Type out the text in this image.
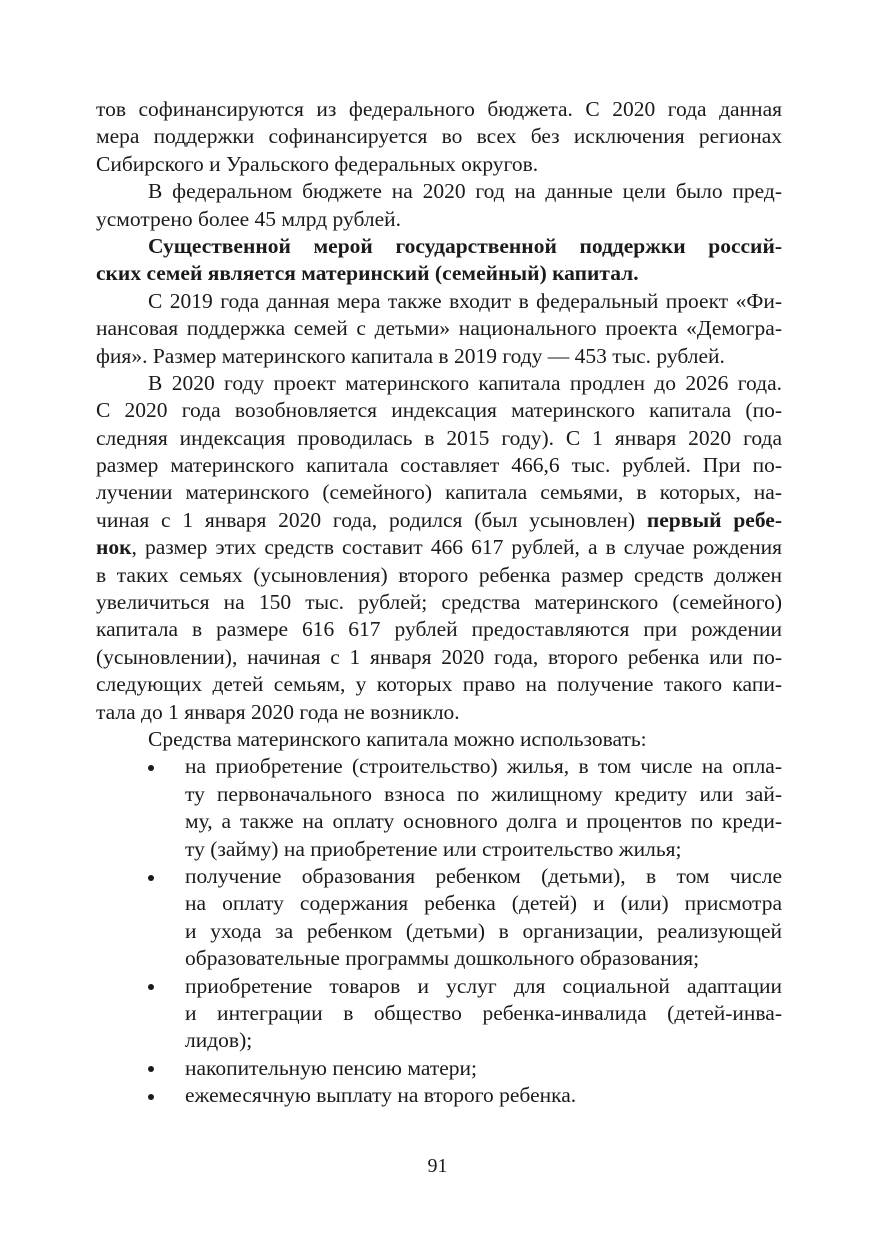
тов софинансируются из федерального бюджета. С 2020 года данная
мера поддержки софинансируется во всех без исключения регионах
Сибирского и Уральского федеральных округов.
В федеральном бюджете на 2020 год на данные цели было пред-
усмотрено более 45 млрд рублей.
Существенной мерой государственной поддержки россий-
ских семей является материнский (семейный) капитал.
С 2019 года данная мера также входит в федеральный проект «Фи-
нансовая поддержка семей с детьми» национального проекта «Демогра-
фия». Размер материнского капитала в 2019 году — 453 тыс. рублей.
В 2020 году проект материнского капитала продлен до 2026 года.
С 2020 года возобновляется индексация материнского капитала (по-
следняя индексация проводилась в 2015 году). С 1 января 2020 года
размер материнского капитала составляет 466,6 тыс. рублей. При по-
лучении материнского (семейного) капитала семьями, в которых, на-
чиная с 1 января 2020 года, родился (был усыновлен) первый ребе-
нок, размер этих средств составит 466 617 рублей, а в случае рождения
в таких семьях (усыновления) второго ребенка размер средств должен
увеличиться на 150 тыс. рублей; средства материнского (семейного)
капитала в размере 616 617 рублей предоставляются при рождении
(усыновлении), начиная с 1 января 2020 года, второго ребенка или по-
следующих детей семьям, у которых право на получение такого капи-
тала до 1 января 2020 года не возникло.
Средства материнского капитала можно использовать:
на приобретение (строительство) жилья, в том числе на опла-
ту первоначального взноса по жилищному кредиту или зай-
му, а также на оплату основного долга и процентов по креди-
ту (займу) на приобретение или строительство жилья;
получение образования ребенком (детьми), в том числе
на оплату содержания ребенка (детей) и (или) присмотра
и ухода за ребенком (детьми) в организации, реализующей
образовательные программы дошкольного образования;
приобретение товаров и услуг для социальной адаптации
и интеграции в общество ребенка-инвалида (детей-инва-
лидов);
накопительную пенсию матери;
ежемесячную выплату на второго ребенка.
91
